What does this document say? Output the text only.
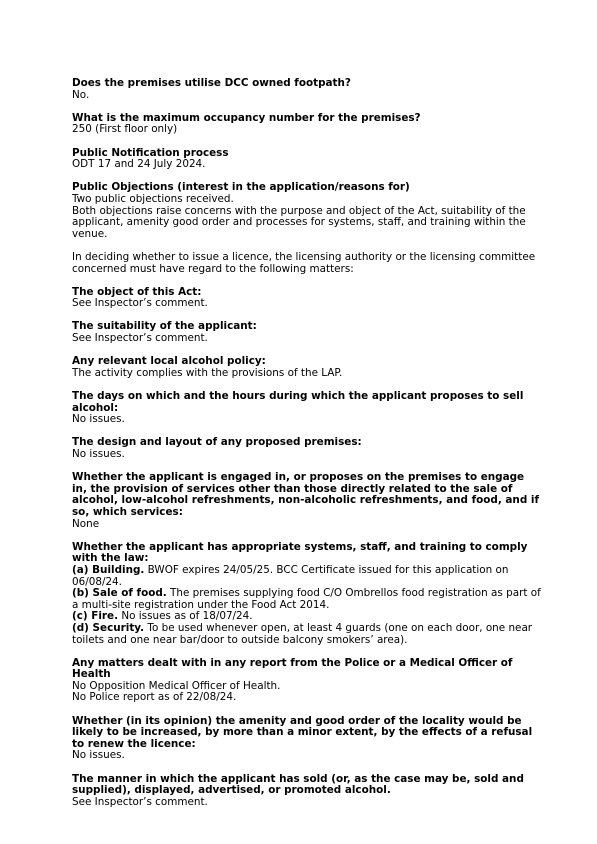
Does the premises utilise DCC owned footpath?
No.
What is the maximum occupancy number for the premises?
250 (First floor only)
Public Notification process
ODT 17 and 24 July 2024.
Public Objections (interest in the application/reasons for)
Two public objections received.
Both objections raise concerns with the purpose and object of the Act, suitability of the applicant, amenity good order and processes for systems, staff, and training within the venue.
In deciding whether to issue a licence, the licensing authority or the licensing committee concerned must have regard to the following matters:
The object of this Act:
See Inspector’s comment.
The suitability of the applicant:
See Inspector’s comment.
Any relevant local alcohol policy:
The activity complies with the provisions of the LAP.
The days on which and the hours during which the applicant proposes to sell alcohol:
No issues.
The design and layout of any proposed premises:
No issues.
Whether the applicant is engaged in, or proposes on the premises to engage in, the provision of services other than those directly related to the sale of alcohol, low-alcohol refreshments, non-alcoholic refreshments, and food, and if so, which services:
None
Whether the applicant has appropriate systems, staff, and training to comply with the law:
(a) Building. BWOF expires 24/05/25. BCC Certificate issued for this application on 06/08/24.
(b) Sale of food. The premises supplying food C/O Ombrellos food registration as part of a multi-site registration under the Food Act 2014.
(c) Fire. No issues as of 18/07/24.
(d) Security. To be used whenever open, at least 4 guards (one on each door, one near toilets and one near bar/door to outside balcony smokers’ area).
Any matters dealt with in any report from the Police or a Medical Officer of Health
No Opposition Medical Officer of Health.
No Police report as of 22/08/24.
Whether (in its opinion) the amenity and good order of the locality would be likely to be increased, by more than a minor extent, by the effects of a refusal to renew the licence:
No issues.
The manner in which the applicant has sold (or, as the case may be, sold and supplied), displayed, advertised, or promoted alcohol.
See Inspector’s comment.
